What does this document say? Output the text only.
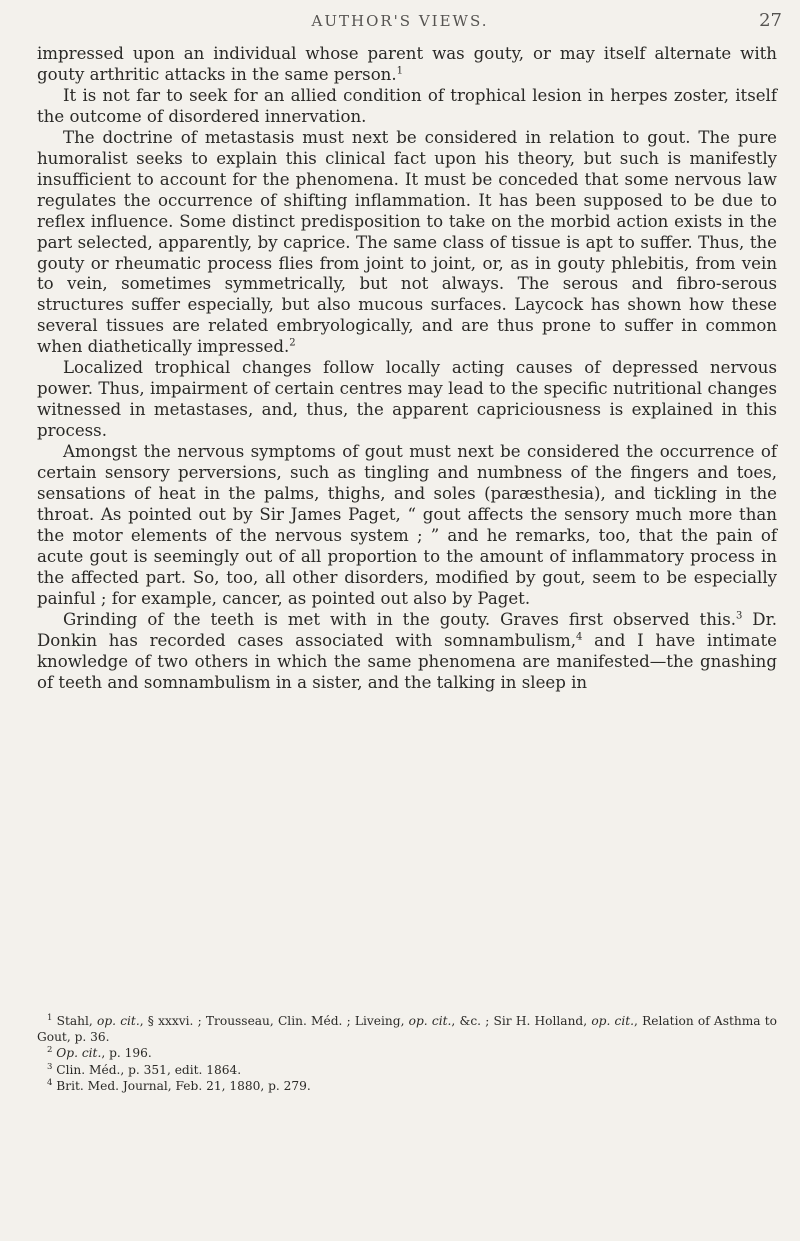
AUTHOR'S VIEWS.	27

impressed upon an individual whose parent was gouty, or may itself alternate with gouty arthritic attacks in the same person.$^1$

It is not far to seek for an allied condition of trophical lesion in herpes zoster, itself the outcome of disordered innervation.

The doctrine of metastasis must next be considered in relation to gout. The pure humoralist seeks to explain this clinical fact upon his theory, but such is manifestly insufficient to account for the phenomena. It must be conceded that some nervous law regulates the occurrence of shifting inflammation. It has been supposed to be due to reflex influence. Some distinct predisposition to take on the morbid action exists in the part selected, apparently, by caprice. The same class of tissue is apt to suffer. Thus, the gouty or rheumatic process flies from joint to joint, or, as in gouty phlebitis, from vein to vein, sometimes symmetrically, but not always. The serous and fibro-serous structures suffer especially, but also mucous surfaces. Laycock has shown how these several tissues are related embryologically, and are thus prone to suffer in common when diathetically impressed.$^2$

Localized trophical changes follow locally acting causes of depressed nervous power. Thus, impairment of certain centres may lead to the specific nutritional changes witnessed in metastases, and, thus, the apparent capriciousness is explained in this process.

Amongst the nervous symptoms of gout must next be considered the occurrence of certain sensory perversions, such as tingling and numbness of the fingers and toes, sensations of heat in the palms, thighs, and soles (paræsthesia), and tickling in the throat. As pointed out by Sir James Paget, “ gout affects the sensory much more than the motor elements of the nervous system ; ” and he remarks, too, that the pain of acute gout is seemingly out of all proportion to the amount of inflammatory process in the affected part. So, too, all other disorders, modified by gout, seem to be especially painful ; for example, cancer, as pointed out also by Paget.

Grinding of the teeth is met with in the gouty. Graves first observed this.$^3$ Dr. Donkin has recorded cases associated with somnambulism,$^4$ and I have intimate knowledge of two others in which the same phenomena are manifested—the gnashing of teeth and somnambulism in a sister, and the talking in sleep in

$^1$ Stahl, op. cit., § xxxvi. ; Trousseau, Clin. Méd. ; Liveing, op. cit., &c. ; Sir H. Holland, op. cit., Relation of Asthma to Gout, p. 36.

$^2$ Op. cit., p. 196.

$^3$ Clin. Méd., p. 351, edit. 1864.

$^4$ Brit. Med. Journal, Feb. 21, 1880, p. 279.
